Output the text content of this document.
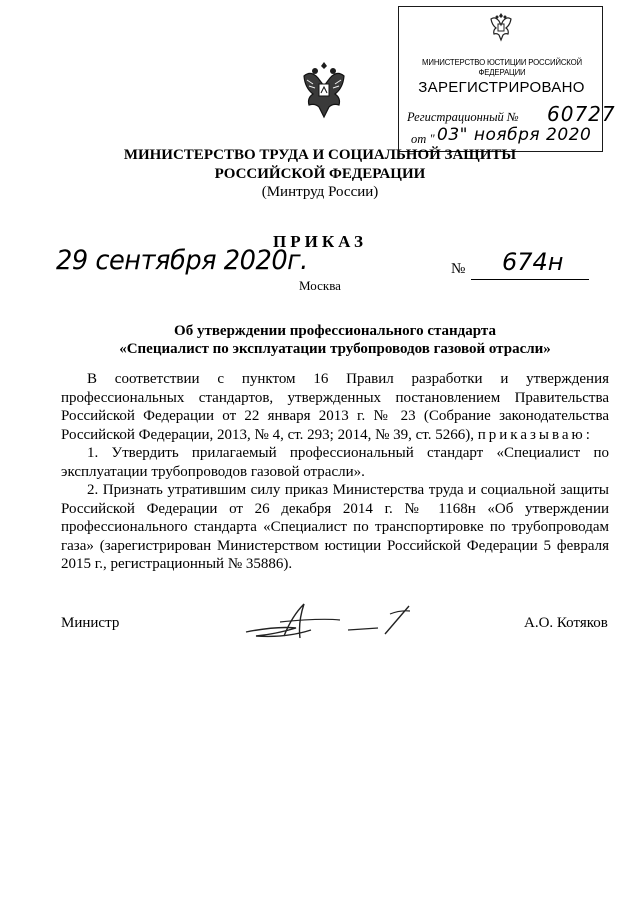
МИНИСТЕРСТВО ЮСТИЦИИ РОССИЙСКОЙ ФЕДЕРАЦИИ
ЗАРЕГИСТРИРОВАНО
Регистрационный № 60727
от " 03" ноября 2020
МИНИСТЕРСТВО ТРУДА И СОЦИАЛЬНОЙ ЗАЩИТЫ
РОССИЙСКОЙ ФЕДЕРАЦИИ
(Минтруд России)
ПРИКАЗ
29 сентября 2020г.	№ 674н
Москва
Об утверждении профессионального стандарта
«Специалист по эксплуатации трубопроводов газовой отрасли»

В соответствии с пунктом 16 Правил разработки и утверждения профессиональных стандартов, утвержденных постановлением Правительства Российской Федерации от 22 января 2013 г. № 23 (Собрание законодательства Российской Федерации, 2013, № 4, ст. 293; 2014, № 39, ст. 5266), приказываю:

1. Утвердить прилагаемый профессиональный стандарт «Специалист по эксплуатации трубопроводов газовой отрасли».

2. Признать утратившим силу приказ Министерства труда и социальной защиты Российской Федерации от 26 декабря 2014 г. № 1168н «Об утверждении профессионального стандарта «Специалист по транспортировке по трубопроводам газа» (зарегистрирован Министерством юстиции Российской Федерации 5 февраля 2015 г., регистрационный № 35886).

Министр	А.О. Котяков
